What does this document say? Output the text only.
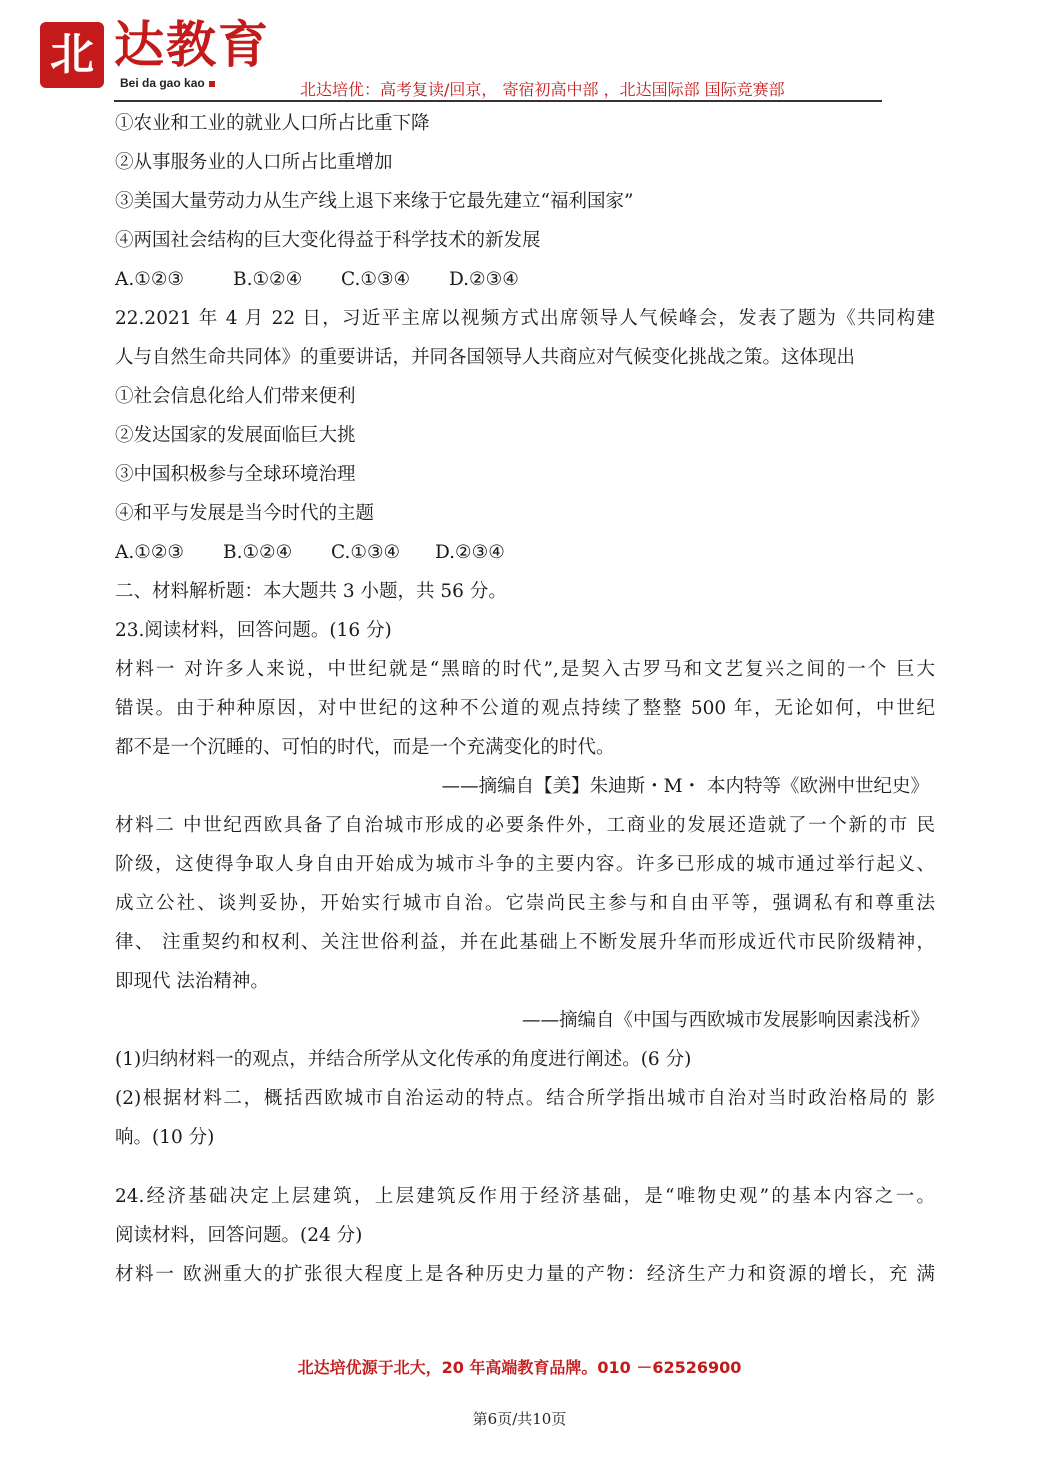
北 达教育
Bei da gao kao	北达培优：高考复读/回京， 寄宿初高中部 ，北达国际部 国际竞赛部
①农业和工业的就业人口所占比重下降
②从事服务业的人口所占比重增加
③美国大量劳动力从生产线上退下来缘于它最先建立“福利国家”
④两国社会结构的巨大变化得益于科学技术的新发展
A.①②③	B.①②④ C.①③④ D.②③④
22.2021 年 4 月 22 日，习近平主席以视频方式出席领导人气候峰会，发表了题为《共同构建
人与自然生命共同体》的重要讲话，并同各国领导人共商应对气候变化挑战之策。这体现出
①社会信息化给人们带来便利
②发达国家的发展面临巨大挑
③中国积极参与全球环境治理
④和平与发展是当今时代的主题
A.①②③ B.①②④ C.①③④ D.②③④
二、材料解析题：本大题共 3 小题，共 56 分。
23.阅读材料，回答问题。(16 分)
材料一 对许多人来说，中世纪就是“黑暗的时代”,是契入古罗马和文艺复兴之间的一个 巨大
错误。由于种种原因，对中世纪的这种不公道的观点持续了整整 500 年，无论如何，中世纪
都不是一个沉睡的、可怕的时代，而是一个充满变化的时代。
——摘编自【美】朱迪斯・M・ 本内特等《欧洲中世纪史》
材料二 中世纪西欧具备了自治城市形成的必要条件外，工商业的发展还造就了一个新的市 民
阶级，这使得争取人身自由开始成为城市斗争的主要内容。许多已形成的城市通过举行起义、
成立公社、谈判妥协，开始实行城市自治。它崇尚民主参与和自由平等，强调私有和尊重法
律、 注重契约和权利、关注世俗利益，并在此基础上不断发展升华而形成近代市民阶级精神，
即现代 法治精神。
——摘编自《中国与西欧城市发展影响因素浅析》
(1)归纳材料一的观点，并结合所学从文化传承的角度进行阐述。(6 分)
(2)根据材料二，概括西欧城市自治运动的特点。结合所学指出城市自治对当时政治格局的 影
响。(10 分)
24.经济基础决定上层建筑，上层建筑反作用于经济基础，是“唯物史观”的基本内容之一。
阅读材料，回答问题。(24 分)
材料一 欧洲重大的扩张很大程度上是各种历史力量的产物：经济生产力和资源的增长，充 满
北达培优源于北大，20 年高端教育品牌。010 －62526900
第6页/共10页
